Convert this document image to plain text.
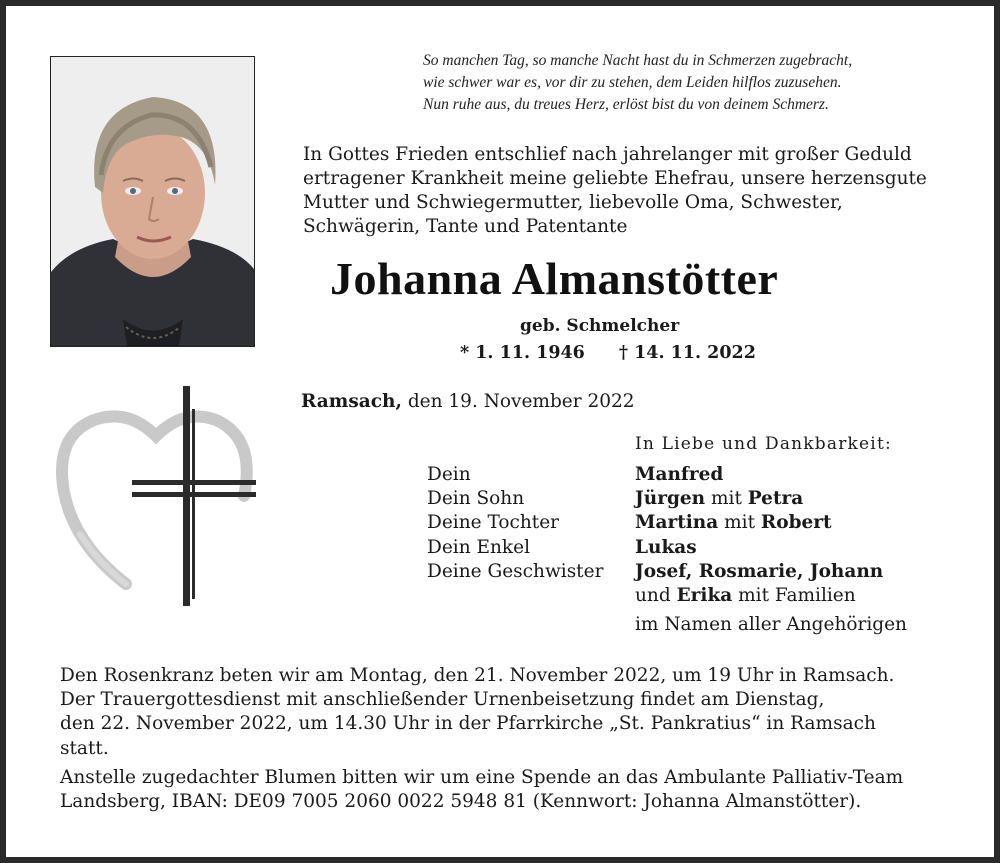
So manchen Tag, so manche Nacht hast du in Schmerzen zugebracht,
wie schwer war es, vor dir zu stehen, dem Leiden hilflos zuzusehen.
Nun ruhe aus, du treues Herz, erlöst bist du von deinem Schmerz.
In Gottes Frieden entschlief nach jahrelanger mit großer Geduld
ertragener Krankheit meine geliebte Ehefrau, unsere herzensgute
Mutter und Schwiegermutter, liebevolle Oma, Schwester,
Schwägerin, Tante und Patentante
Johanna Almanstötter
geb. Schmelcher
* 1. 11. 1946 † 14. 11. 2022
Ramsach, den 19. November 2022
In Liebe und Dankbarkeit:
Dein
Dein Sohn
Deine Tochter
Dein Enkel
Deine Geschwister
Manfred
Jürgen mit Petra
Martina mit Robert
Lukas
Josef, Rosmarie, Johann
und Erika mit Familien
im Namen aller Angehörigen
Den Rosenkranz beten wir am Montag, den 21. November 2022, um 19 Uhr in Ramsach.
Der Trauergottesdienst mit anschließender Urnenbeisetzung findet am Dienstag,
den 22. November 2022, um 14.30 Uhr in der Pfarrkirche „St. Pankratius“ in Ramsach
statt.
Anstelle zugedachter Blumen bitten wir um eine Spende an das Ambulante Palliativ-Team
Landsberg, IBAN: DE09 7005 2060 0022 5948 81 (Kennwort: Johanna Almanstötter).
